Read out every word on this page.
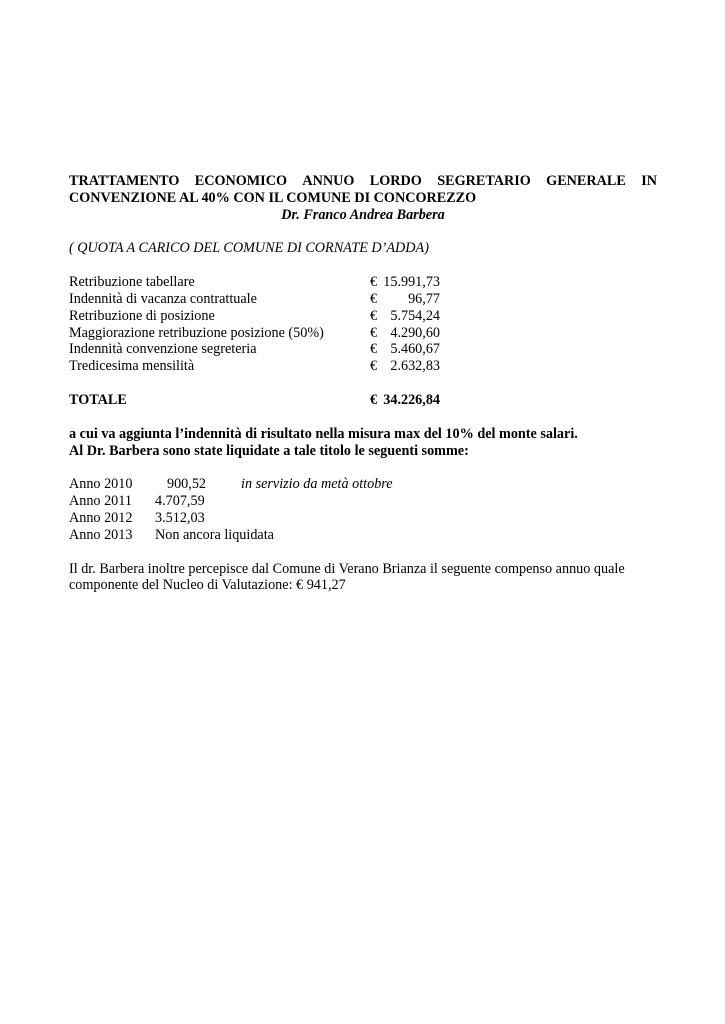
TRATTAMENTO ECONOMICO ANNUO LORDO SEGRETARIO GENERALE IN
CONVENZIONE AL 40% CON IL COMUNE DI CONCOREZZO
Dr. Franco Andrea Barbera
( QUOTA A CARICO DEL COMUNE DI CORNATE D’ADDA)
Retribuzione tabellare	€ 15.991,73
Indennità di vacanza contrattuale	€ 96,77
Retribuzione di posizione	€ 5.754,24
Maggiorazione retribuzione posizione (50%)	€ 4.290,60
Indennità convenzione segreteria	€ 5.460,67
Tredicesima mensilità	€ 2.632,83
TOTALE	€ 34.226,84
a cui va aggiunta l’indennità di risultato nella misura max del 10% del monte salari.
Al Dr. Barbera sono state liquidate a tale titolo le seguenti somme:
Anno 2010 900,52 in servizio da metà ottobre
Anno 2011 4.707,59
Anno 2012 3.512,03
Anno 2013 Non ancora liquidata
Il dr. Barbera inoltre percepisce dal Comune di Verano Brianza il seguente compenso annuo quale componente del Nucleo di Valutazione: € 941,27
